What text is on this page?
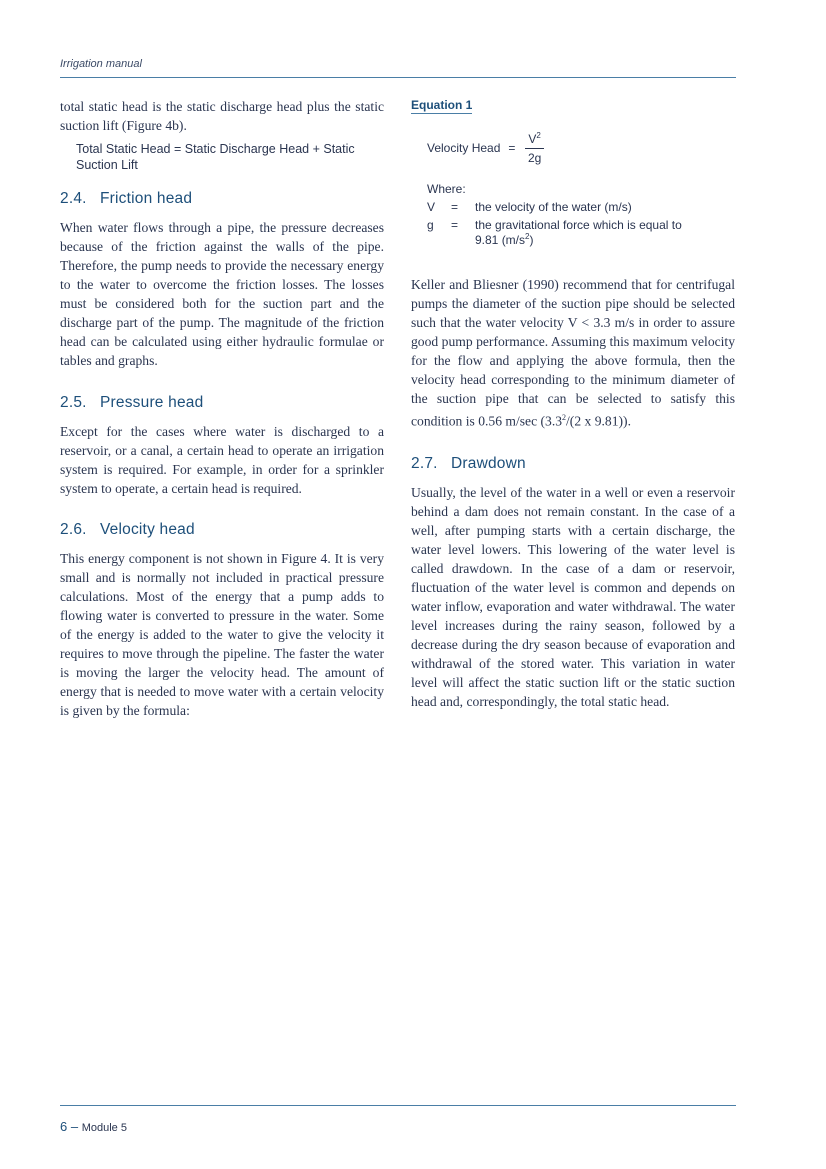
Irrigation manual

total static head is the static discharge head plus the static suction lift (Figure 4b).

Total Static Head = Static Discharge Head + Static Suction Lift
2.4. Friction head

When water flows through a pipe, the pressure decreases because of the friction against the walls of the pipe. Therefore, the pump needs to provide the necessary energy to the water to overcome the friction losses. The losses must be considered both for the suction part and the discharge part of the pump. The magnitude of the friction head can be calculated using either hydraulic formulae or tables and graphs.

2.5. Pressure head

Except for the cases where water is discharged to a reservoir, or a canal, a certain head to operate an irrigation system is required. For example, in order for a sprinkler system to operate, a certain head is required.

2.6. Velocity head

This energy component is not shown in Figure 4. It is very small and is normally not included in practical pressure calculations. Most of the energy that a pump adds to flowing water is converted to pressure in the water. Some of the energy is added to the water to give the velocity it requires to move through the pipeline. The faster the water is moving the larger the velocity head. The amount of energy that is needed to move water with a certain velocity is given by the formula:

Equation 1
Velocity Head = $\frac{V^2}{2g}$
Where:
V	=	the velocity of the water (m/s)
g	=	the gravitational force which is equal to
9.81 $(m/s^2)$

Keller and Bliesner (1990) recommend that for centrifugal pumps the diameter of the suction pipe should be selected such that the water velocity V < 3.3 m/s in order to assure good pump performance. Assuming this maximum velocity for the flow and applying the above formula, then the velocity head corresponding to the minimum diameter of the suction pipe that can be selected to satisfy this condition is 0.56 m/sec ($3.3^2/(2$ x 9.81)).

2.7. Drawdown

Usually, the level of the water in a well or even a reservoir behind a dam does not remain constant. In the case of a well, after pumping starts with a certain discharge, the water level lowers. This lowering of the water level is called drawdown. In the case of a dam or reservoir, fluctuation of the water level is common and depends on water inflow, evaporation and water withdrawal. The water level increases during the rainy season, followed by a decrease during the dry season because of evaporation and withdrawal of the stored water. This variation in water level will affect the static suction lift or the static suction head and, correspondingly, the total static head.

6 – Module 5
